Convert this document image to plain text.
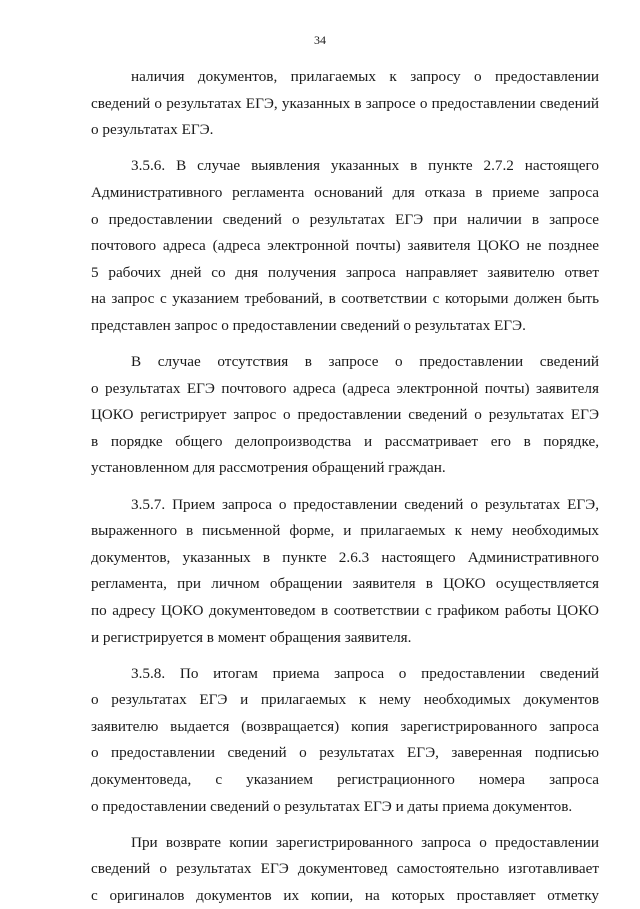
34
наличия документов, прилагаемых к запросу о предоставлении
сведений о результатах ЕГЭ, указанных в запросе о предоставлении сведений
о результатах ЕГЭ.
3.5.6. В случае выявления указанных в пункте 2.7.2 настоящего
Административного регламента оснований для отказа в приеме запроса
о предоставлении сведений о результатах ЕГЭ при наличии в запросе
почтового адреса (адреса электронной почты) заявителя ЦОКО не позднее
5 рабочих дней со дня получения запроса направляет заявителю ответ
на запрос с указанием требований, в соответствии с которыми должен быть
представлен запрос о предоставлении сведений о результатах ЕГЭ.
В случае отсутствия в запросе о предоставлении сведений
о результатах ЕГЭ почтового адреса (адреса электронной почты) заявителя
ЦОКО регистрирует запрос о предоставлении сведений о результатах ЕГЭ
в порядке общего делопроизводства и рассматривает его в порядке,
установленном для рассмотрения обращений граждан.
3.5.7. Прием запроса о предоставлении сведений о результатах ЕГЭ,
выраженного в письменной форме, и прилагаемых к нему необходимых
документов, указанных в пункте 2.6.3 настоящего Административного
регламента, при личном обращении заявителя в ЦОКО осуществляется
по адресу ЦОКО документоведом в соответствии с графиком работы ЦОКО
и регистрируется в момент обращения заявителя.
3.5.8. По итогам приема запроса о предоставлении сведений
о результатах ЕГЭ и прилагаемых к нему необходимых документов
заявителю выдается (возвращается) копия зарегистрированного запроса
о предоставлении сведений о результатах ЕГЭ, заверенная подписью
документоведа, с указанием регистрационного номера запроса
о предоставлении сведений о результатах ЕГЭ и даты приема документов.
При возврате копии зарегистрированного запроса о предоставлении
сведений о результатах ЕГЭ документовед самостоятельно изготавливает
с оригиналов документов их копии, на которых проставляет отметку
